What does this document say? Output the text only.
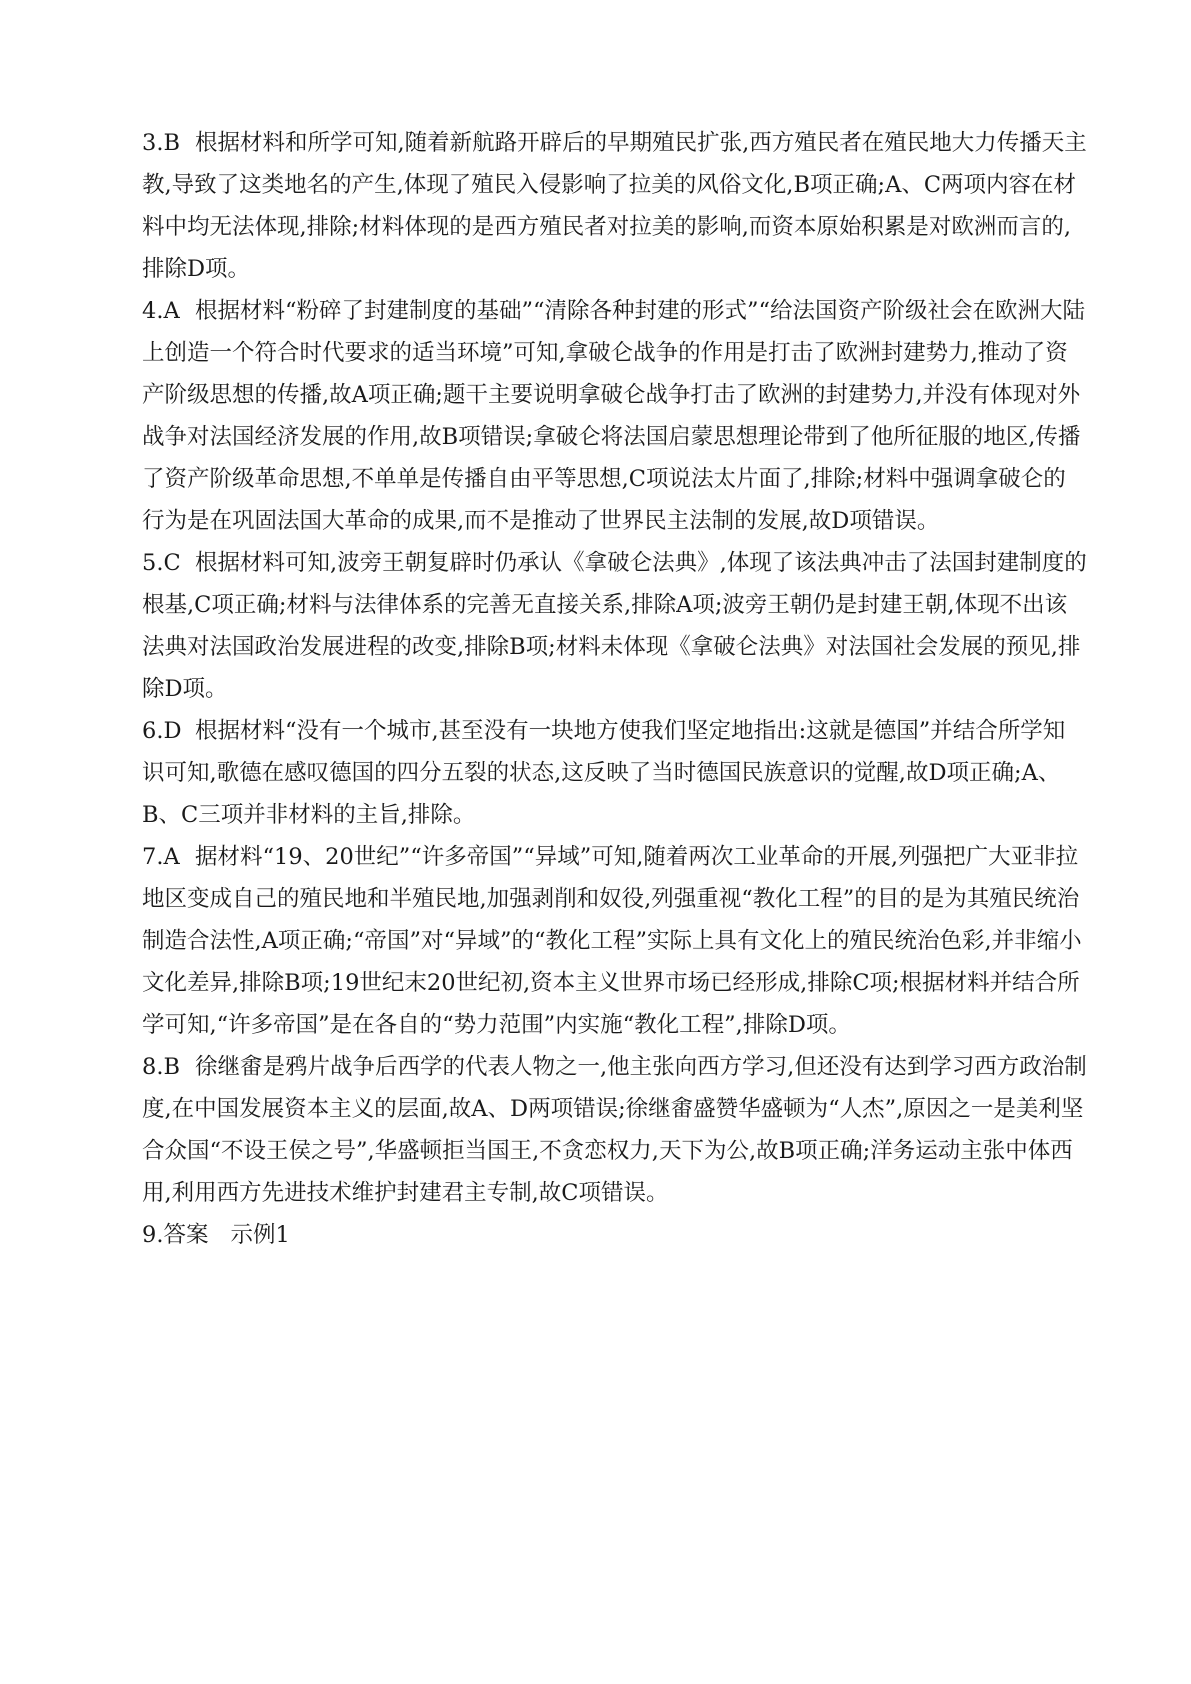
3.B 根据材料和所学可知,随着新航路开辟后的早期殖民扩张,西方殖民者在殖民地大力传播天主教,导致了这类地名的产生,体现了殖民入侵影响了拉美的风俗文化,B项正确;A、C两项内容在材料中均无法体现,排除;材料体现的是西方殖民者对拉美的影响,而资本原始积累是对欧洲而言的,排除D项。

4.A 根据材料“粉碎了封建制度的基础”“清除各种封建的形式”“给法国资产阶级社会在欧洲大陆上创造一个符合时代要求的适当环境”可知,拿破仑战争的作用是打击了欧洲封建势力,推动了资产阶级思想的传播,故A项正确;题干主要说明拿破仑战争打击了欧洲的封建势力,并没有体现对外战争对法国经济发展的作用,故B项错误;拿破仑将法国启蒙思想理论带到了他所征服的地区,传播了资产阶级革命思想,不单单是传播自由平等思想,C项说法太片面了,排除;材料中强调拿破仑的行为是在巩固法国大革命的成果,而不是推动了世界民主法制的发展,故D项错误。

5.C 根据材料可知,波旁王朝复辟时仍承认《拿破仑法典》,体现了该法典冲击了法国封建制度的根基,C项正确;材料与法律体系的完善无直接关系,排除A项;波旁王朝仍是封建王朝,体现不出该法典对法国政治发展进程的改变,排除B项;材料未体现《拿破仑法典》对法国社会发展的预见,排除D项。

6.D 根据材料“没有一个城市,甚至没有一块地方使我们坚定地指出:这就是德国”并结合所学知识可知,歌德在感叹德国的四分五裂的状态,这反映了当时德国民族意识的觉醒,故D项正确;A、B、C三项并非材料的主旨,排除。

7.A 据材料“19、20世纪”“许多帝国”“异域”可知,随着两次工业革命的开展,列强把广大亚非拉地区变成自己的殖民地和半殖民地,加强剥削和奴役,列强重视“教化工程”的目的是为其殖民统治制造合法性,A项正确;“帝国”对“异域”的“教化工程”实际上具有文化上的殖民统治色彩,并非缩小文化差异,排除B项;19世纪末20世纪初,资本主义世界市场已经形成,排除C项;根据材料并结合所学可知,“许多帝国”是在各自的“势力范围”内实施“教化工程”,排除D项。

8.B 徐继畬是鸦片战争后西学的代表人物之一,他主张向西方学习,但还没有达到学习西方政治制度,在中国发展资本主义的层面,故A、D两项错误;徐继畬盛赞华盛顿为“人杰”,原因之一是美利坚合众国“不设王侯之号”,华盛顿拒当国王,不贪恋权力,天下为公,故B项正确;洋务运动主张中体西用,利用西方先进技术维护封建君主专制,故C项错误。

9.答案 示例1
